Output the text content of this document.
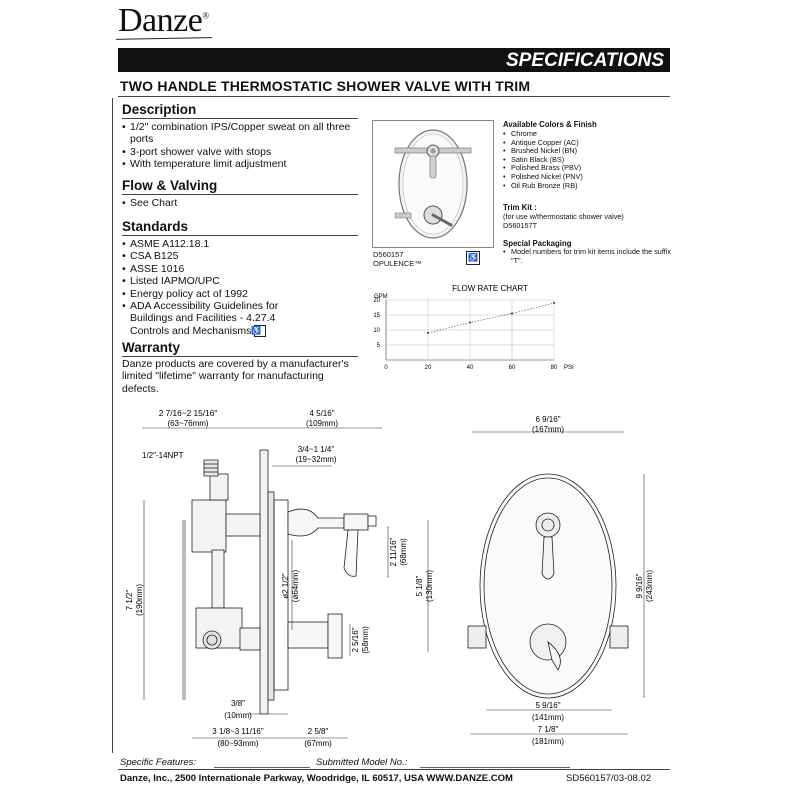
Danze®
SPECIFICATIONS
TWO HANDLE THERMOSTATIC SHOWER VALVE WITH TRIM
Description
• 1/2" combination IPS/Copper sweat on all three ports
• 3-port shower valve with stops
• With temperature limit adjustment
Flow & Valving
• See Chart
Standards
• ASME A112.18.1
• CSA B125
• ASSE 1016
• Listed IAPMO/UPC
• Energy policy act of 1992
• ADA Accessibility Guidelines for Buildings and Facilities - 4.27.4 Controls and Mechanisms ♿
Warranty
Danze products are covered by a manufacturer's limited "lifetime" warranty for manufacturing defects.
D560157
OPULENCE™
♿
Available Colors & Finish
• Chrome
• Antique Copper (AC)
• Brushed Nickel (BN)
• Satin Black (BS)
• Polished Brass (PBV)
• Polished Nickel (PNV)
• Oil Rub Bronze (RB)
Trim Kit :
(for use w/thermostatic shower valve)
D560157T
Special Packaging
• Model numbers for trim kit items include the suffix "T".
FLOW RATE CHART
GPM
PSI
5
10
15
20
0	20	40	60	80
2 7/16~2 15/16"
(63~76mm)
4 5/16"
(109mm)
3/4~1 1/4"
(19~32mm)
1/2"-14NPT
7 1/2" (190mm)	ø2 1/2" (ø64mm)
2 11/16" (68mm)
5 1/8" (130mm)
2 5/16" (58mm)
3/8"
(10mm)
3 1/8~3 11/16"
(80~93mm)
2 5/8"
(67mm)
6 9/16"
(167mm)
9 9/16" (243mm)
5 9/16"
(141mm)
7 1/8"
(181mm)
Specific Features:	Submitted Model No.:
Danze, Inc., 2500 Internationale Parkway, Woodridge, IL 60517, USA WWW.DANZE.COM	SD560157/03-08.02
